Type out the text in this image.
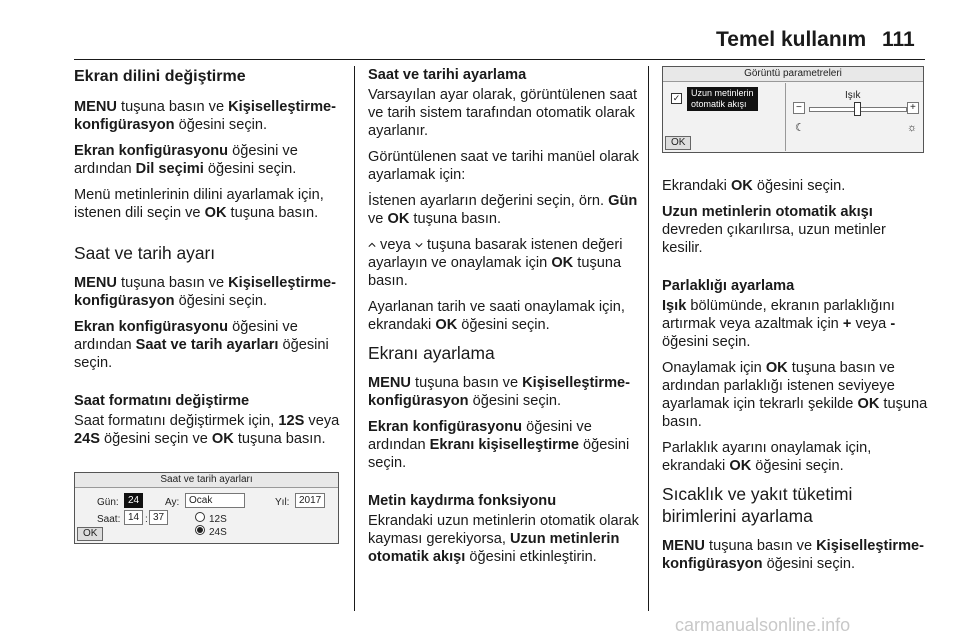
Temel kullanım 111
Ekran dilini değiştirme

MENU tuşuna basın ve Kişiselleştirme-konfigürasyon öğesini seçin.

Ekran konfigürasyonu öğesini ve ardından Dil seçimi öğesini seçin.

Menü metinlerinin dilini ayarlamak için, istenen dili seçin ve OK tuşuna basın.

Saat ve tarih ayarı

MENU tuşuna basın ve Kişiselleştirme-konfigürasyon öğesini seçin.

Ekran konfigürasyonu öğesini ve ardından Saat ve tarih ayarları öğesini seçin.

Saat formatını değiştirme

Saat formatını değiştirmek için, 12S veya 24S öğesini seçin ve OK tuşuna basın.

Saat ve tarih ayarları
Gün: 24	Ay: Ocak	Yıl: 2017
Saat: 14 : 37	12S
24S
OK
Saat ve tarihi ayarlama

Varsayılan ayar olarak, görüntülenen saat ve tarih sistem tarafından otomatik olarak ayarlanır.

Görüntülenen saat ve tarihi manüel olarak ayarlamak için:

İstenen ayarların değerini seçin, örn. Gün ve OK tuşuna basın.

veya  tuşuna basarak istenen değeri ayarlayın ve onaylamak için OK tuşuna basın.

Ayarlanan tarih ve saati onaylamak için, ekrandaki OK öğesini seçin.

Ekranı ayarlama

MENU tuşuna basın ve Kişiselleştirme-konfigürasyon öğesini seçin.

Ekran konfigürasyonu öğesini ve ardından Ekranı kişiselleştirme öğesini seçin.

Metin kaydırma fonksiyonu

Ekrandaki uzun metinlerin otomatik olarak kayması gerekiyorsa, Uzun metinlerin otomatik akışı öğesini etkinleştirin.

Görüntü parametreleri
✓	Uzun metinlerin
otomatik akışı
Işık
−	+
☾	☼
OK

Ekrandaki OK öğesini seçin.

Uzun metinlerin otomatik akışı devreden çıkarılırsa, uzun metinler kesilir.

Parlaklığı ayarlama

Işık bölümünde, ekranın parlaklığını artırmak veya azaltmak için + veya - öğesini seçin.

Onaylamak için OK tuşuna basın ve ardından parlaklığı istenen seviyeye ayarlamak için tekrarlı şekilde OK tuşuna basın.

Parlaklık ayarını onaylamak için, ekrandaki OK öğesini seçin.

Sıcaklık ve yakıt tüketimi birimlerini ayarlama

MENU tuşuna basın ve Kişiselleştirme-konfigürasyon öğesini seçin.

carmanualsonline.info
